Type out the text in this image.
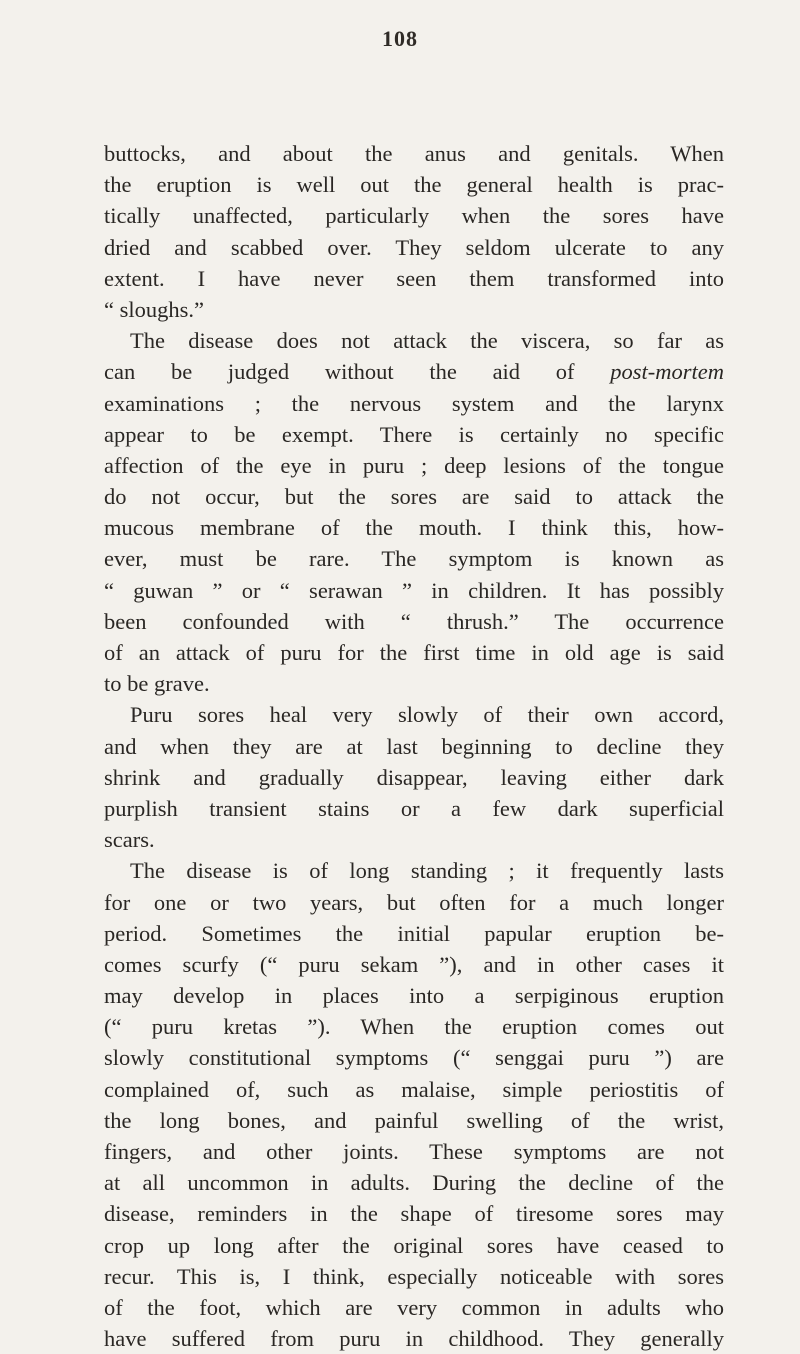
108
buttocks, and about the anus and genitals. When
the eruption is well out the general health is prac-
tically unaffected, particularly when the sores have
dried and scabbed over. They seldom ulcerate to any
extent. I have never seen them transformed into
“ sloughs.”
The disease does not attack the viscera, so far as
can be judged without the aid of post-mortem
examinations ; the nervous system and the larynx
appear to be exempt. There is certainly no specific
affection of the eye in puru ; deep lesions of the tongue
do not occur, but the sores are said to attack the
mucous membrane of the mouth. I think this, how-
ever, must be rare. The symptom is known as
“ guwan ” or “ serawan ” in children. It has possibly
been confounded with “ thrush.” The occurrence
of an attack of puru for the first time in old age is said
to be grave.
Puru sores heal very slowly of their own accord,
and when they are at last beginning to decline they
shrink and gradually disappear, leaving either dark
purplish transient stains or a few dark superficial
scars.
The disease is of long standing ; it frequently lasts
for one or two years, but often for a much longer
period. Sometimes the initial papular eruption be-
comes scurfy (“ puru sekam ”), and in other cases it
may develop in places into a serpiginous eruption
(“ puru kretas ”). When the eruption comes out
slowly constitutional symptoms (“ senggai puru ”) are
complained of, such as malaise, simple periostitis of
the long bones, and painful swelling of the wrist,
fingers, and other joints. These symptoms are not
at all uncommon in adults. During the decline of the
disease, reminders in the shape of tiresome sores may
crop up long after the original sores have ceased to
recur. This is, I think, especially noticeable with sores
of the foot, which are very common in adults who
have suffered from puru in childhood. They generally
